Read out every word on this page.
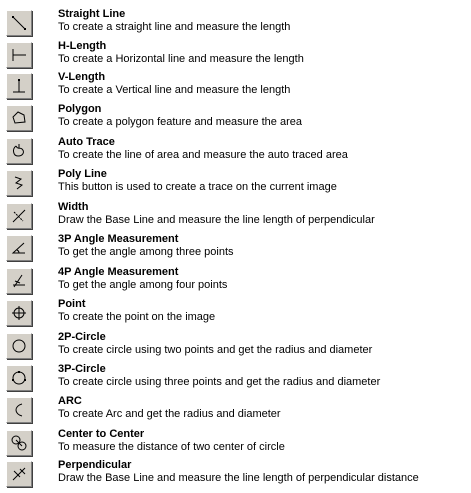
Straight Line
To create a straight line and measure the length
H-Length
To create a Horizontal line and measure the length
V-Length
To create a Vertical line and measure the length
Polygon
To create a polygon feature and measure the area
Auto Trace
To create the line of area and measure the auto traced area
Poly Line
This button is used to create a trace on the current image
Width
Draw the Base Line and measure the line length of perpendicular
3P Angle Measurement
To get the angle among three points
4P Angle Measurement
To get the angle among four points
Point
To create the point on the image
2P-Circle
To create circle using two points and get the radius and diameter
3P-Circle
To create circle using three points and get the radius and diameter
ARC
To create Arc and get the radius and diameter
Center to Center
To measure the distance of two center of circle
Perpendicular
Draw the Base Line and measure the line length of perpendicular distance
